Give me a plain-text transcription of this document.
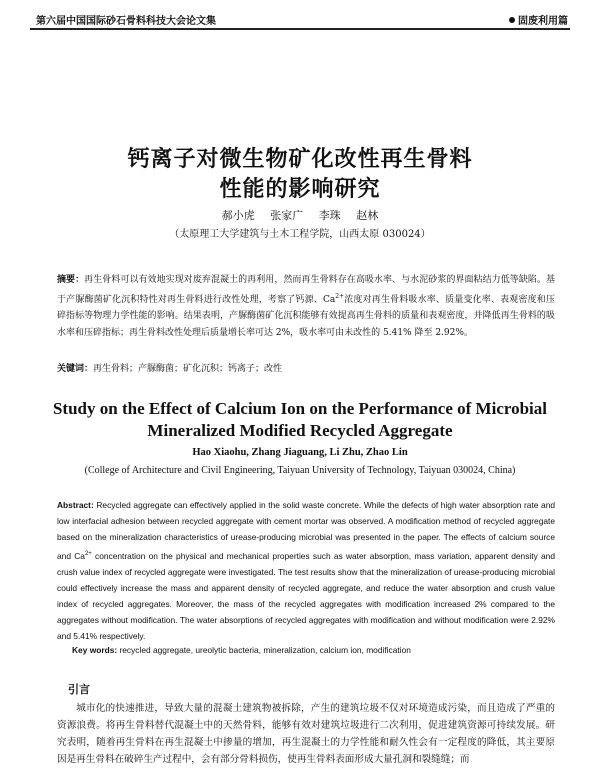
第六届中国国际砂石骨料科技大会论文集	固废利用篇
钙离子对微生物矿化改性再生骨料
性能的影响研究
郝小虎 张家广 李珠 赵林
（太原理工大学建筑与土木工程学院，山西太原 030024）
摘要：再生骨料可以有效地实现对废弃混凝土的再利用，然而再生骨料存在高吸水率、与水泥砂浆的界面粘结力低等缺陷。基于产脲酶菌矿化沉积特性对再生骨料进行改性处理，考察了钙源、$Ca^{2+}$浓度对再生骨料吸水率、质量变化率、表观密度和压碎指标等物理力学性能的影响。结果表明，产脲酶菌矿化沉积能够有效提高再生骨料的质量和表观密度，并降低再生骨料的吸水率和压碎指标；再生骨料改性处理后质量增长率可达 2%，吸水率可由未改性的 5.41% 降至 2.92%。
关键词：再生骨料；产脲酶菌；矿化沉积；钙离子；改性
Study on the Effect of Calcium Ion on the Performance of Microbial
Mineralized Modified Recycled Aggregate
Hao Xiaohu, Zhang Jiaguang, Li Zhu, Zhao Lin
(College of Architecture and Civil Engineering, Taiyuan University of Technology, Taiyuan 030024, China)
Abstract: Recycled aggregate can effectively applied in the solid waste concrete. While the defects of high water absorption rate and low interfacial adhesion between recycled aggregate with cement mortar was observed. A modification method of recycled aggregate based on the mineralization characteristics of urease-producing microbial was presented in the paper. The effects of calcium source and $Ca^{2+}$ concentration on the physical and mechanical properties such as water absorption, mass variation, apparent density and crush value index of recycled aggregate were investigated. The test results show that the mineralization of urease-producing microbial could effectively increase the mass and apparent density of recycled aggregate, and reduce the water absorption and crush value index of recycled aggregates. Moreover, the mass of the recycled aggregates with modification increased 2% compared to the aggregates without modification. The water absorptions of recycled aggregates with modification and without modification were 2.92% and 5.41% respectively.
Key words: recycled aggregate, ureolytic bacteria, mineralization, calcium ion, modification
引言
城市化的快速推进，导致大量的混凝土建筑物被拆除，产生的建筑垃圾不仅对环境造成污染，而且造成了严重的资源浪费。将再生骨料替代混凝土中的天然骨料，能够有效对建筑垃圾进行二次利用，促进建筑资源可持续发展。研究表明，随着再生骨料在再生混凝土中掺量的增加，再生混凝土的力学性能和耐久性会有一定程度的降低，其主要原因是再生骨料在破碎生产过程中，会有部分骨料损伤，使再生骨料表面形成大量孔洞和裂缝缝；而
